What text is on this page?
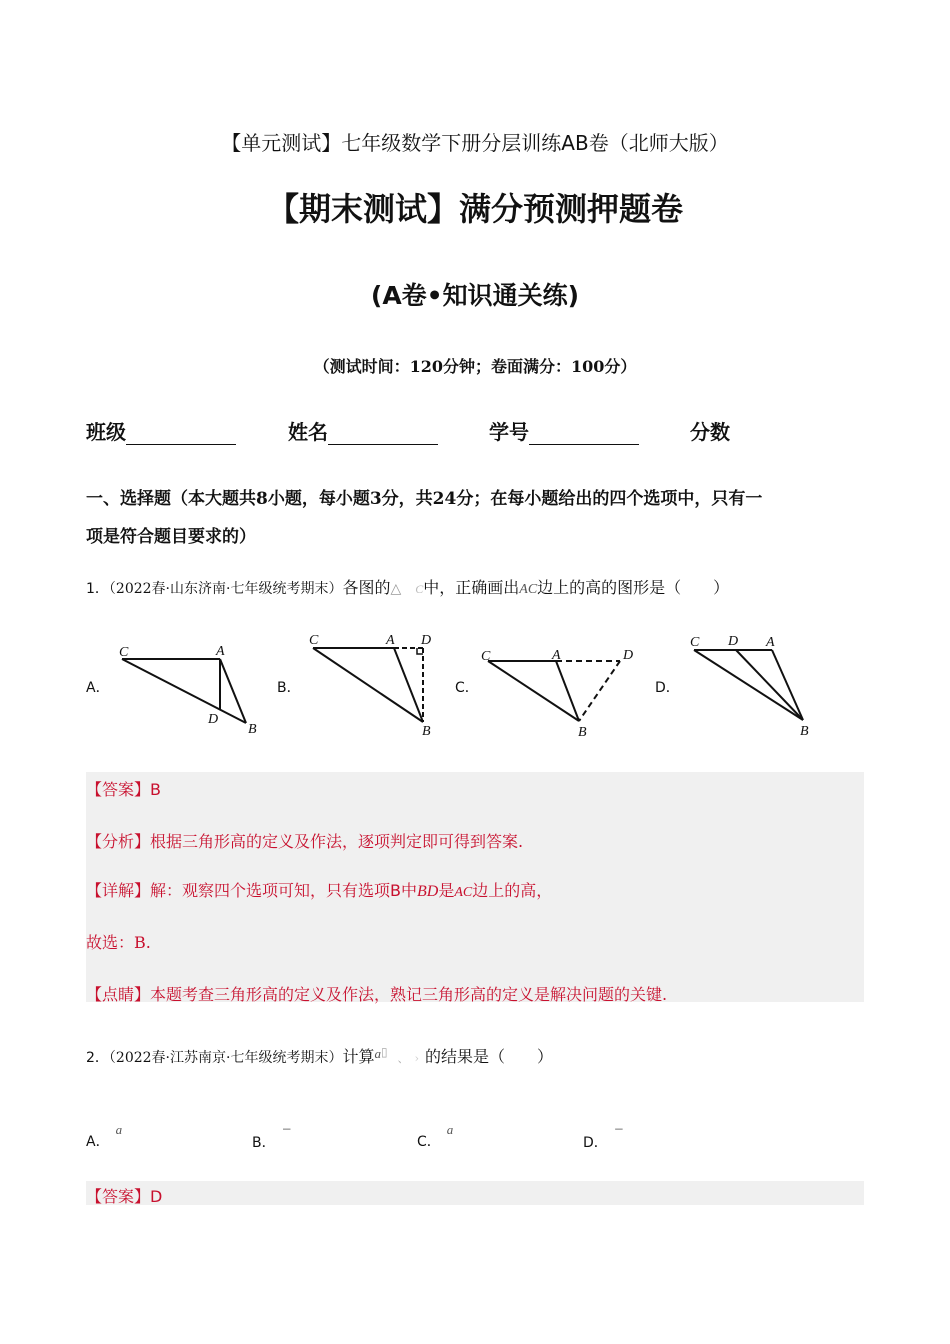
【单元测试】七年级数学下册分层训练AB卷（北师大版）
【期末测试】满分预测押题卷
(A卷•知识通关练)
（测试时间：120分钟；卷面满分：100分）
班级	姓名	学号	分数
一、选择题（本大题共8小题，每小题3分，共24分；在每小题给出的四个选项中，只有一
项是符合题目要求的）
1．（2022春·山东济南·七年级统考期末）各图的△ C中，正确画出AC边上的高的图形是（　　）
A．
C	A
D
B
B．
C	A D
B
C．
C	A	D
B
D．
C D A
B
【答案】B
【分析】根据三角形高的定义及作法，逐项判定即可得到答案.
【详解】解：观察四个选项可知，只有选项B中BD是AC边上的高，
故选：B.
【点睛】本题考查三角形高的定义及作法，熟记三角形高的定义是解决问题的关键.
2．（2022春·江苏南京·七年级统考期末）计算$^{a▯}$ 、 › 的结果是（　　）
A．a
B．−
C．a
D．−
【答案】D
